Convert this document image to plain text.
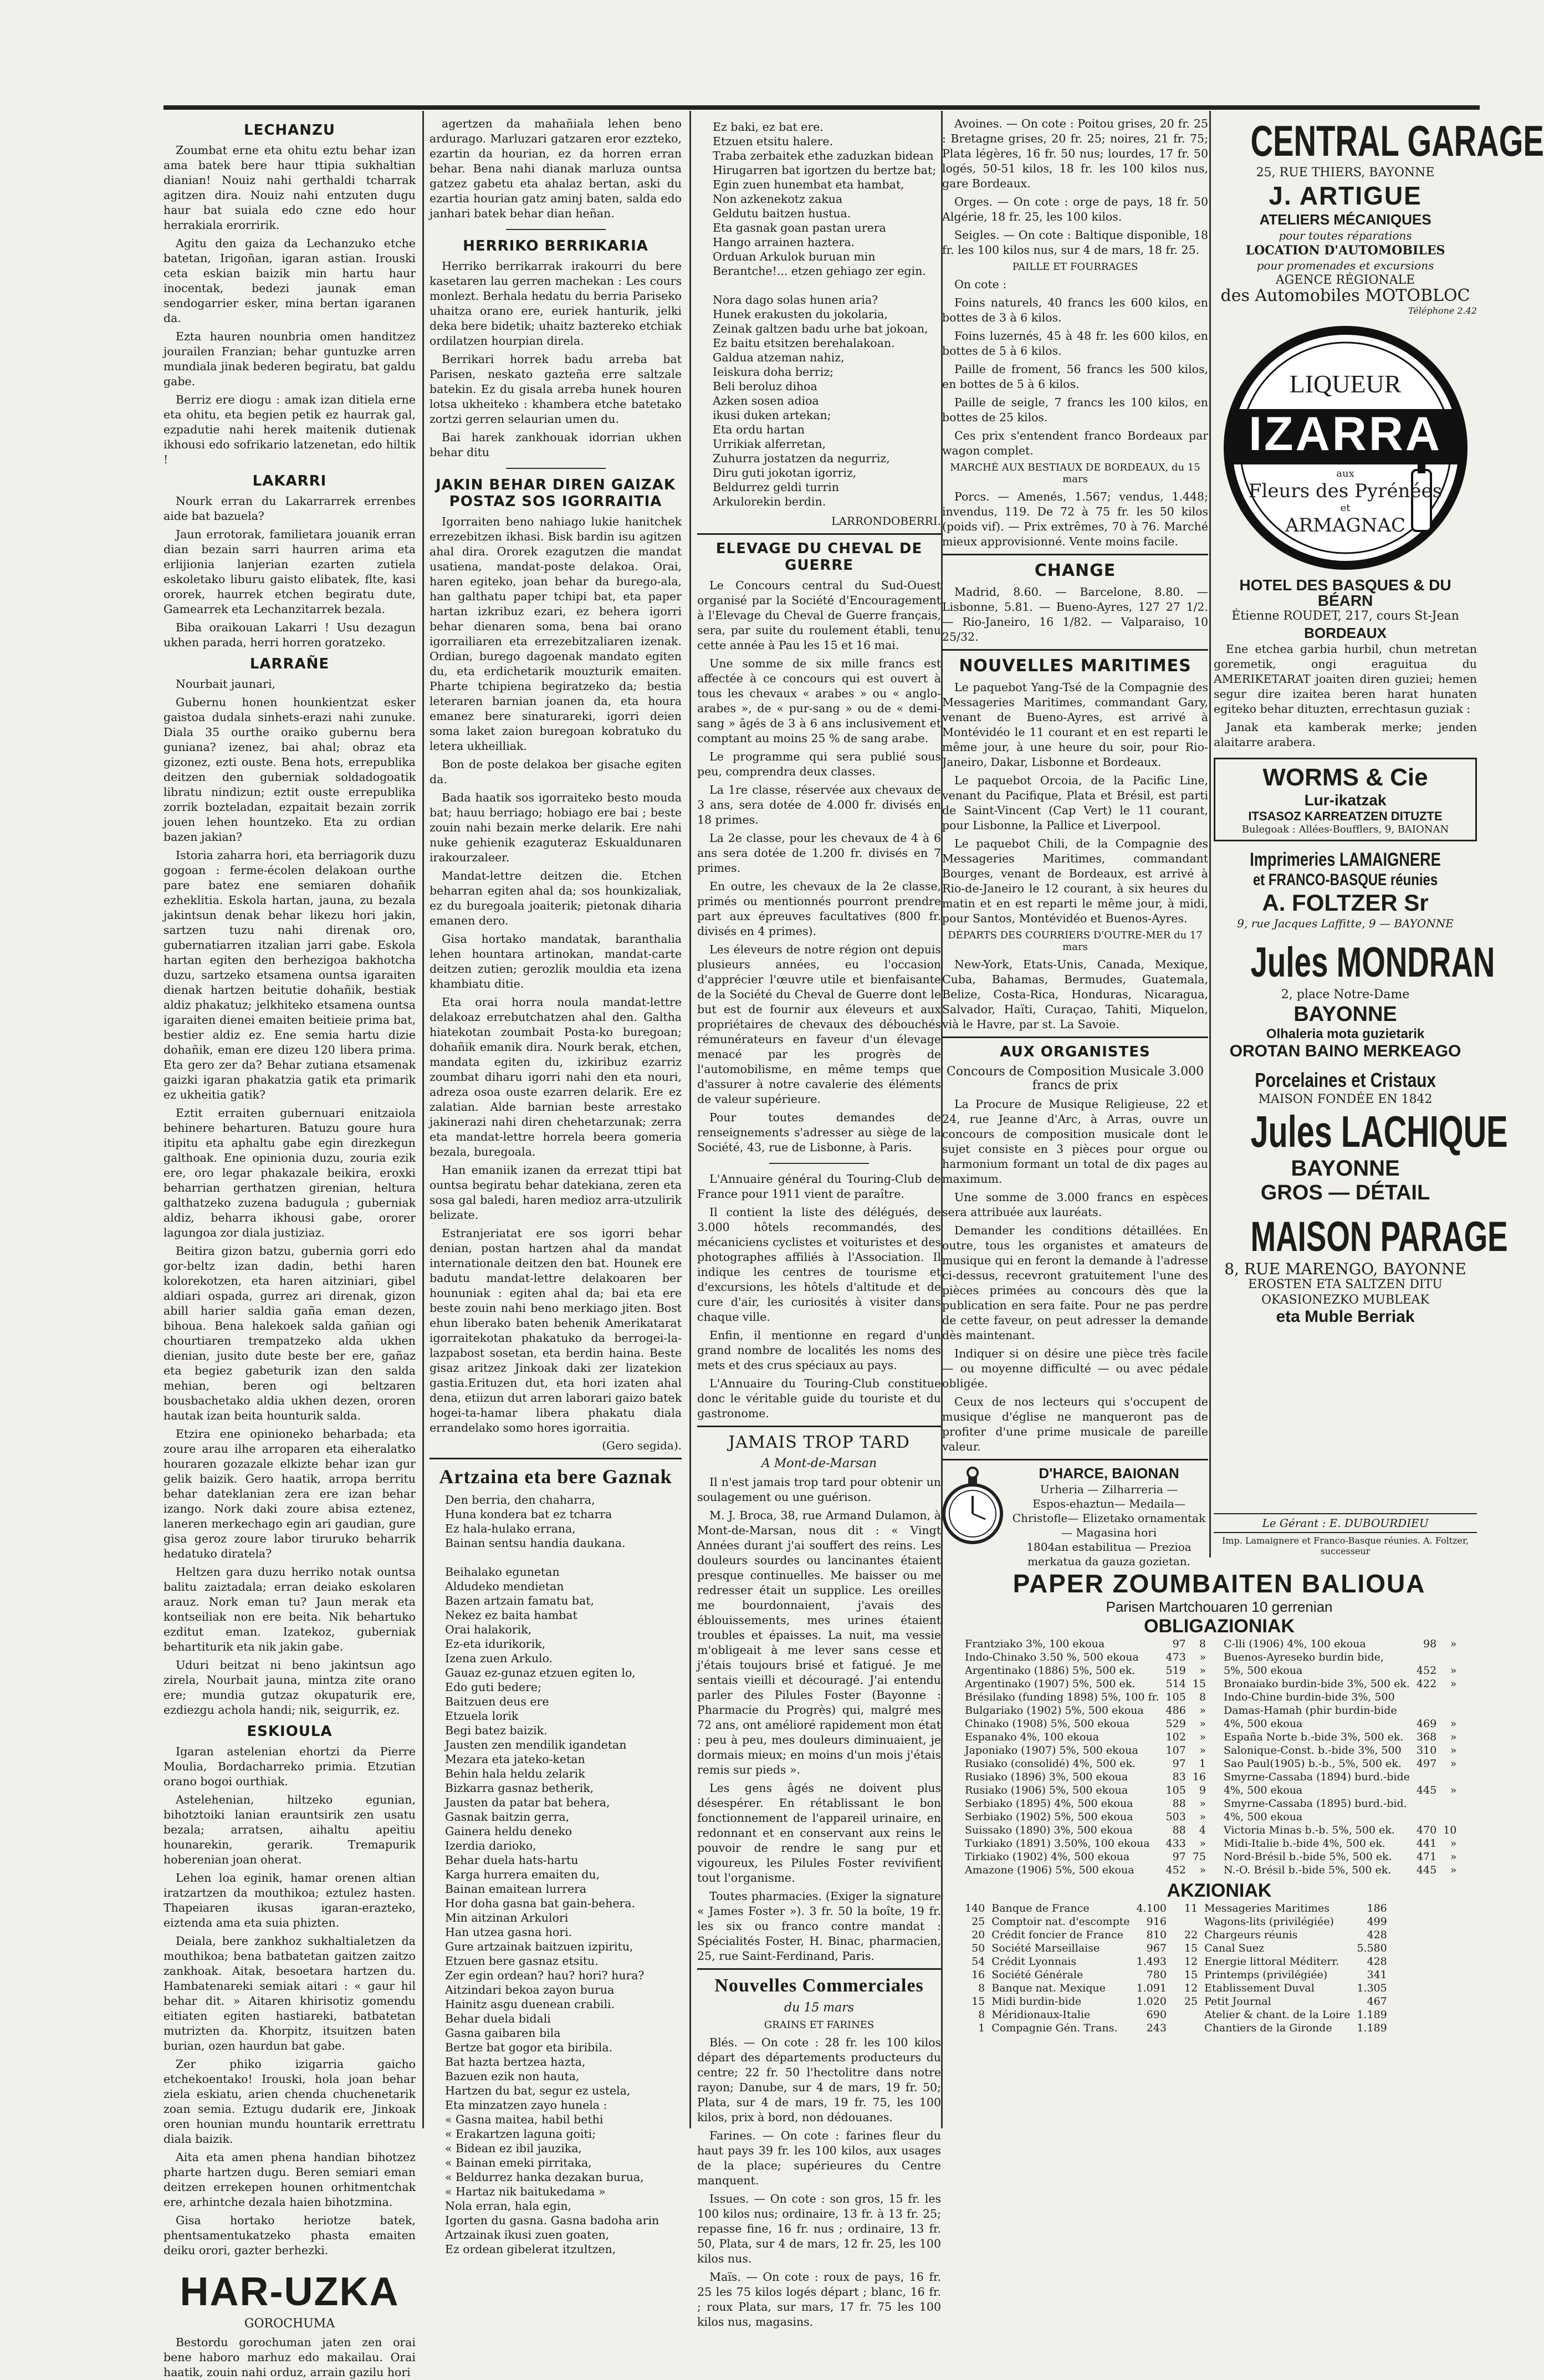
LECHANZU

Zoumbat erne eta ohitu eztu behar izan ama batek bere haur ttipia sukhaltian dianian! Nouiz nahi gerthaldi tcharrak agitzen dira. Nouiz nahi entzuten dugu haur bat suiala edo czne edo hour herrakiala erorririk.

Agitu den gaiza da Lechanzuko etche batetan, Irigoñan, igaran astian. Irouski ceta eskian baizik min hartu haur inocentak, bedezi jaunak eman sendogarrier esker, mina bertan igaranen da.

Ezta hauren nounbria omen handitzez jourailen Franzian; behar guntuzke arren mundiala jinak bederen begiratu, bat galdu gabe.

Berriz ere diogu : amak izan ditiela erne eta ohitu, eta begien petik ez haurrak gal, ezpadutie nahi herek maitenik dutienak ikhousi edo sofrikario latzenetan, edo hiltik !

LAKARRI

Nourk erran du Lakarrarrek errenbes aide bat bazuela?

Jaun errotorak, familietara jouanik erran dian bezain sarri haurren arima eta erlijionia lanjerian ezarten zutiela eskoletako liburu gaisto elibatek, flte, kasi ororek, haurrek etchen begiratu dute, Gamearrek eta Lechanzitarrek bezala.

Biba oraikouan Lakarri ! Usu dezagun ukhen parada, herri horren goratzeko.

LARRAÑE

Nourbait jaunari,

Gubernu honen hounkientzat esker gaistoa dudala sinhets-erazi nahi zunuke. Diala 35 ourthe oraiko gubernu bera guniana? izenez, bai ahal; obraz eta gizonez, ezti ouste. Bena hots, errepublika deitzen den guberniak soldadogoatik libratu nindizun; eztit ouste errepublika zorrik bozteladan, ezpaitait bezain zorrik jouen lehen hountzeko. Eta zu ordian bazen jakian?

Istoria zaharra hori, eta berriagorik duzu gogoan : ferme-écolen delakoan ourthe pare batez ene semiaren dohañik ezheklitia. Eskola hartan, jauna, zu bezala jakintsun denak behar likezu hori jakin, sartzen tuzu nahi direnak oro, gubernatiarren itzalian jarri gabe. Eskola hartan egiten den berhezigoa bakhotcha duzu, sartzeko etsamena ountsa igaraiten dienak hartzen beitutie dohañik, bestiak aldiz phakatuz; jelkhiteko etsamena ountsa igaraiten dienei emaiten beitieie prima bat, bestier aldiz ez. Ene semia hartu dizie dohañik, eman ere dizeu 120 libera prima. Eta gero zer da? Behar zutiana etsamenak gaizki igaran phakatzia gatik eta primarik ez ukheitia gatik?

Eztit erraiten gubernuari enitzaiola behinere beharturen. Batuzu goure hura itipitu eta aphaltu gabe egin direzkegun galthoak. Ene opinionia duzu, zouria ezik ere, oro legar phakazale beikira, eroxki beharrian gerthatzen girenian, heltura galthatzeko zuzena badugula ; guberniak aldiz, beharra ikhousi gabe, ororer lagungoa zor diala justiziaz.

Beitira gizon batzu, gubernia gorri edo gor-beltz izan dadin, bethi haren kolorekotzen, eta haren aitziniari, gibel aldiari ospada, gurrez ari direnak, gizon abill harier saldia gaña eman dezen, bihoua. Bena halekoek salda gañian ogi chourtiaren trempatzeko alda ukhen dienian, jusito dute beste ber ere, gañaz eta begiez gabeturik izan den salda mehian, beren ogi beltzaren bousbachetako aldia ukhen dezen, ororen hautak izan beita hounturik salda.

Etzira ene opinioneko beharbada; eta zoure arau ilhe arroparen eta eiheralatko houraren gozazale elkizte behar izan gur gelik baizik. Gero haatik, arropa berritu behar dateklanian zera ere izan behar izango. Nork daki zoure abisa eztenez, laneren merkechago egin ari gaudian, gure gisa geroz zoure labor tiruruko beharrik hedatuko diratela?

Heltzen gara duzu herriko notak ountsa balitu zaiztadala; erran deiako eskolaren arauz. Nork eman tu? Jaun merak eta kontseiliak non ere beita. Nik behartuko ezditut eman. Izatekoz, guberniak behartiturik eta nik jakin gabe.

Uduri beitzat ni beno jakintsun ago zirela, Nourbait jauna, mintza zite orano ere; mundia gutzaz okupaturik ere, ezdiezgu achola handi; nik, seigurrik, ez.

ESKIOULA

Igaran astelenian ehortzi da Pierre Moulia, Bordacharreko primia. Etzutian orano bogoi ourthiak.

Astelehenian, hiltzeko egunian, bihotztoiki lanian erauntsirik zen usatu bezala; arratsen, aihaltu apeitiu hounarekin, gerarik. Tremapurik hoberenian joan oherat.

Lehen loa eginik, hamar orenen altian iratzartzen da mouthikoa; eztulez hasten. Thapeiaren ikusas igaran-erazteko, eiztenda ama eta suia phizten.

Deiala, bere zankhoz sukhaltialetzen da mouthikoa; bena batbatetan gaitzen zaitzo zankhoak. Aitak, besoetara hartzen du. Hambatenareki semiak aitari : « gaur hil behar dit. » Aitaren khirisotiz gomendu eitiaten egiten hastiareki, batbatetan mutrizten da. Khorpitz, itsuitzen baten burian, ozen haurdun bat gabe.

Zer phiko izigarria gaicho etchekoentako! Irouski, hola joan behar ziela eskiatu, arien chenda chuchenetarik zoan semia. Eztugu dudarik ere, Jinkoak oren hounian mundu hountarik errettratu diala baizik.

Aita eta amen phena handian bihotzez pharte hartzen dugu. Beren semiari eman deitzen errekepen hounen orhitmentchak ere, arhintche dezala haien bihotzmina.

Gisa hortako heriotze batek, phentsamentukatzeko phasta emaiten deiku orori, gazter berhezki.

HAR-UZKA
GOROCHUMA

Bestordu gorochuman jaten zen orai bene haboro marhuz edo makailau. Orai haatik, zouin nahi orduz, arrain gazilu hori

agertzen da mahañiala lehen beno ardurago. Marluzari gatzaren eror ezzteko, ezartin da hourian, ez da horren erran behar. Bena nahi dianak marluza ountsa gatzez gabetu eta ahalaz bertan, aski du ezartia hourian gatz aminj baten, salda edo janhari batek behar dian heñan.

HERRIKO BERRIKARIA

Herriko berrikarrak irakourri du bere kasetaren lau gerren machekan : Les cours monlezt. Berhala hedatu du berria Pariseko uhaitza orano ere, euriek hanturik, jelki deka bere bidetik; uhaitz baztereko etchiak ordilatzen hourpian direla.

Berrikari horrek badu arreba bat Parisen, neskato gazteña erre saltzale batekin. Ez du gisala arreba hunek houren lotsa ukheiteko : khambera etche batetako zortzi gerren selaurian umen du.

Bai harek zankhouak idorrian ukhen behar ditu

JAKIN BEHAR DIREN GAIZAK POSTAZ SOS IGORRAITIA

Igorraiten beno nahiago lukie hanitchek errezebitzen ikhasi. Bisk bardin isu agitzen ahal dira. Ororek ezagutzen die mandat usatiena, mandat-poste delakoa. Orai, haren egiteko, joan behar da burego-ala, han galthatu paper tchipi bat, eta paper hartan izkribuz ezari, ez behera igorri behar dienaren soma, bena bai orano igorrailiaren eta errezebitzaliaren izenak. Ordian, burego dagoenak mandato egiten du, eta erdichetarik mouzturik emaiten. Pharte tchipiena begiratzeko da; bestia leteraren barnian joanen da, eta houra emanez bere sinaturareki, igorri deien soma laket zaion buregoan kobratuko du letera ukheilliak.

Bon de poste delakoa ber gisache egiten da.

Bada haatik sos igorraiteko besto mouda bat; hauu berriago; hobiago ere bai ; beste zouin nahi bezain merke delarik. Ere nahi nuke gehienik ezaguteraz Eskualdunaren irakourzaleer.

Mandat-lettre deitzen die. Etchen beharran egiten ahal da; sos hounkizaliak, ez du buregoala joaiterik; pietonak diharia emanen dero.

Gisa hortako mandatak, baranthalia lehen hountara artinokan, mandat-carte deitzen zutien; gerozlik mouldia eta izena khambiatu ditie.

Eta orai horra noula mandat-lettre delakoaz errebutchatzen ahal den. Galtha hiatekotan zoumbait Posta-ko buregoan; dohañik emanik dira. Nourk berak, etchen, mandata egiten du, izkiribuz ezarriz zoumbat diharu igorri nahi den eta nouri, adreza osoa ouste ezarren delarik. Ere ez zalatian. Alde barnian beste arrestako jakinerazi nahi diren chehetarzunak; zerra eta mandat-lettre horrela beera gomeria bezala, buregoala.

Han emaniik izanen da errezat ttipi bat ountsa begiratu behar datekiana, zeren eta sosa gal baledi, haren medioz arra-utzulirik belizate.

Estranjeriatat ere sos igorri behar denian, postan hartzen ahal da mandat internationale deitzen den bat. Hounek ere badutu mandat-lettre delakoaren ber hoununiak : egiten ahal da; bai eta ere beste zouin nahi beno merkiago jiten. Bost ehun liberako baten behenik Amerikatarat igorraitekotan phakatuko da berrogei-la-lazpabost sosetan, eta berdin haina. Beste gisaz aritzez Jinkoak daki zer lizatekion gastia.Erituzen dut, eta hori izaten ahal dena, etiizun dut arren laborari gaizo batek hogei-ta-hamar libera phakatu diala errandelako somo hores igorraitia.

(Gero segida).
Artzaina eta bere Gaznak
Den berria, den chaharra,
Huna kondera bat ez tcharra
Ez hala-hulako errana,
Bainan sentsu handia daukana.

Beihalako egunetan
Aldudeko mendietan
Bazen artzain famatu bat,
Nekez ez baita hambat
Orai halakorik,
Ez-eta idurikorik,
Izena zuen Arkulo.
Gauaz ez-gunaz etzuen egiten lo,
Edo guti bedere;
Baitzuen deus ere
Etzuela lorik
Begi batez baizik.
Jausten zen mendilik igandetan
Mezara eta jateko-ketan
Behin hala heldu zelarik
Bizkarra gasnaz betherik,
Jausten da patar bat behera,
Gasnak baitzin gerra,
Gainera heldu deneko
Izerdia darioko,
Behar duela hats-hartu
Karga hurrera emaiten du,
Bainan emaitean lurrera
Hor doha gasna bat gain-behera.
Min aitzinan Arkulori
Han utzea gasna hori.
Gure artzainak baitzuen izpiritu,
Etzuen bere gasnaz etsitu.
Zer egin ordean? hau? hori? hura?
Aitzindari bekoa zayon burua
Hainitz asgu duenean crabili.
Behar duela bidali
Gasna gaibaren bila
Bertze bat gogor eta biribila.
Bat hazta bertzea hazta,
Bazuen ezik non hauta,
Hartzen du bat, segur ez ustela,
Eta minzatzen zayo hunela :
« Gasna maitea, habil bethi
« Erakartzen laguna goiti;
« Bidean ez ibil jauzika,
« Bainan emeki pirritaka,
« Beldurrez hanka dezakan burua,
« Hartaz nik baitukedama »
Nola erran, hala egin,
Igorten du gasna. Gasna badoha arin
Artzainak ikusi zuen goaten,
Ez ordean gibelerat itzultzen,
Ez baki, ez bat ere.
Etzuen etsitu halere.
Traba zerbaitek ethe zaduzkan bidean
Hirugarren bat igortzen du bertze bat;
Egin zuen hunembat eta hambat,
Non azkenekotz zakua
Geldutu baitzen hustua.
Eta gasnak goan pastan urera
Hango arrainen haztera.
Orduan Arkulok buruan min
Berantche!... etzen gehiago zer egin.

Nora dago solas hunen aria?
Hunek erakusten du jokolaria,
Zeinak galtzen badu urhe bat jokoan,
Ez baitu etsitzen berehalakoan.
Galdua atzeman nahiz,
Ieiskura doha berriz;
Beli beroluz dihoa
Azken sosen adioa
ikusi duken artekan;
Eta ordu hartan
Urrikiak alferretan,
Zuhurra jostatzen da negurriz,
Diru guti jokotan igorriz,
Beldurrez geldi turrin
Arkulorekin berdin.
LARRONDOBERRI.
ELEVAGE DU CHEVAL DE GUERRE

Le Concours central du Sud-Ouest organisé par la Société d'Encouragement à l'Elevage du Cheval de Guerre français, sera, par suite du roulement établi, tenu cette année à Pau les 15 et 16 mai.

Une somme de six mille francs est affectée à ce concours qui est ouvert à tous les chevaux « arabes » ou « anglo-arabes », de « pur-sang » ou de « demi-sang » âgés de 3 à 6 ans inclusivement et comptant au moins 25 % de sang arabe.

Le programme qui sera publié sous peu, comprendra deux classes.

La 1re classe, réservée aux chevaux de 3 ans, sera dotée de 4.000 fr. divisés en 18 primes.

La 2e classe, pour les chevaux de 4 à 6 ans sera dotée de 1.200 fr. divisés en 7 primes.

En outre, les chevaux de la 2e classe, primés ou mentionnés pourront prendre part aux épreuves facultatives (800 fr. divisés en 4 primes).

Les éleveurs de notre région ont depuis plusieurs années, eu l'occasion d'apprécier l'œuvre utile et bienfaisante de la Société du Cheval de Guerre dont le but est de fournir aux éleveurs et aux propriétaires de chevaux des débouchés rémunérateurs en faveur d'un élevage menacé par les progrès de l'automobilisme, en même temps que d'assurer à notre cavalerie des éléments de valeur supérieure.

Pour toutes demandes de renseignements s'adresser au siège de la Société, 43, rue de Lisbonne, à Paris.

L'Annuaire général du Touring-Club de France pour 1911 vient de paraître.

Il contient la liste des délégués, de 3.000 hôtels recommandés, des mécaniciens cyclistes et voituristes et des photographes affiliés à l'Association. Il indique les centres de tourisme et d'excursions, les hôtels d'altitude et de cure d'air, les curiosités à visiter dans chaque ville.

Enfin, il mentionne en regard d'un grand nombre de localités les noms des mets et des crus spéciaux au pays.

L'Annuaire du Touring-Club constitue donc le véritable guide du touriste et du gastronome.

JAMAIS TROP TARD
A Mont-de-Marsan

Il n'est jamais trop tard pour obtenir un soulagement ou une guérison.

M. J. Broca, 38, rue Armand Dulamon, à Mont-de-Marsan, nous dit : « Vingt Années durant j'ai souffert des reins. Les douleurs sourdes ou lancinantes étaient presque continuelles. Me baisser ou me redresser était un supplice. Les oreilles me bourdonnaient, j'avais des éblouissements, mes urines étaient troubles et épaisses. La nuit, ma vessie m'obligeait à me lever sans cesse et j'étais toujours brisé et fatigué. Je me sentais vieilli et découragé. J'ai entendu parler des Pilules Foster (Bayonne : Pharmacie du Progrès) qui, malgré mes 72 ans, ont amélioré rapidement mon état : peu à peu, mes douleurs diminuaient, je dormais mieux; en moins d'un mois j'étais remis sur pieds ».

Les gens âgés ne doivent plus désespérer. En rétablissant le bon fonctionnement de l'appareil urinaire, en redonnant et en conservant aux reins le pouvoir de rendre le sang pur et vigoureux, les Pilules Foster revivifient tout l'organisme.

Toutes pharmacies. (Exiger la signature « James Foster »). 3 fr. 50 la boîte, 19 fr. les six ou franco contre mandat : Spécialités Foster, H. Binac, pharmacien, 25, rue Saint-Ferdinand, Paris.

Nouvelles Commerciales
du 15 mars
GRAINS ET FARINES

Blés. — On cote : 28 fr. les 100 kilos départ des départements producteurs du centre; 22 fr. 50 l'hectolitre dans notre rayon; Danube, sur 4 de mars, 19 fr. 50; Plata, sur 4 de mars, 19 fr. 75, les 100 kilos, prix à bord, non dédouanes.

Farines. — On cote : farines fleur du haut pays 39 fr. les 100 kilos, aux usages de la place; supérieures du Centre manquent.

Issues. — On cote : son gros, 15 fr. les 100 kilos nus; ordinaire, 13 fr. à 13 fr. 25; repasse fine, 16 fr. nus ; ordinaire, 13 fr. 50, Plata, sur 4 de mars, 12 fr. 25, les 100 kilos nus.

Maïs. — On cote : roux de pays, 16 fr. 25 les 75 kilos logés départ ; blanc, 16 fr. ; roux Plata, sur mars, 17 fr. 75 les 100 kilos nus, magasins.

Avoines. — On cote : Poitou grises, 20 fr. 25 : Bretagne grises, 20 fr. 25; noires, 21 fr. 75; Plata légères, 16 fr. 50 nus; lourdes, 17 fr. 50 logés, 50-51 kilos, 18 fr. les 100 kilos nus, gare Bordeaux.

Orges. — On cote : orge de pays, 18 fr. 50 Algérie, 18 fr. 25, les 100 kilos.

Seigles. — On cote : Baltique disponible, 18 fr. les 100 kilos nus, sur 4 de mars, 18 fr. 25.

PAILLE ET FOURRAGES

On cote :

Foins naturels, 40 francs les 600 kilos, en bottes de 3 à 6 kilos.

Foins luzernés, 45 à 48 fr. les 600 kilos, en bottes de 5 à 6 kilos.

Paille de froment, 56 francs les 500 kilos, en bottes de 5 à 6 kilos.

Paille de seigle, 7 francs les 100 kilos, en bottes de 25 kilos.

Ces prix s'entendent franco Bordeaux par wagon complet.

MARCHÉ AUX BESTIAUX DE BORDEAUX, du 15 mars

Porcs. — Amenés, 1.567; vendus, 1.448; invendus, 119. De 72 à 75 fr. les 50 kilos (poids vif). — Prix extrêmes, 70 à 76. Marché mieux approvisionné. Vente moins facile.

CHANGE

Madrid, 8.60. — Barcelone, 8.80. — Lisbonne, 5.81. — Bueno-Ayres, 127 27 1/2. — Rio-Janeiro, 16 1/82. — Valparaiso, 10 25/32.

NOUVELLES MARITIMES

Le paquebot Yang-Tsé de la Compagnie des Messageries Maritimes, commandant Gary, venant de Bueno-Ayres, est arrivé à Montévidéo le 11 courant et en est reparti le même jour, à une heure du soir, pour Rio-Janeiro, Dakar, Lisbonne et Bordeaux.

Le paquebot Orcoia, de la Pacific Line, venant du Pacifique, Plata et Brésil, est parti de Saint-Vincent (Cap Vert) le 11 courant, pour Lisbonne, la Pallice et Liverpool.

Le paquebot Chili, de la Compagnie des Messageries Maritimes, commandant Bourges, venant de Bordeaux, est arrivé à Rio-de-Janeiro le 12 courant, à six heures du matin et en est reparti le même jour, à midi, pour Santos, Montévidéo et Buenos-Ayres.

DÉPARTS DES COURRIERS D'OUTRE-MER du 17 mars

New-York, Etats-Unis, Canada, Mexique, Cuba, Bahamas, Bermudes, Guatemala, Belize, Costa-Rica, Honduras, Nicaragua, Salvador, Haïti, Curaçao, Tahiti, Miquelon, vià le Havre, par st. La Savoie.

AUX ORGANISTES
Concours de Composition Musicale 3.000 francs de prix

La Procure de Musique Religieuse, 22 et 24, rue Jeanne d'Arc, à Arras, ouvre un concours de composition musicale dont le sujet consiste en 3 pièces pour orgue ou harmonium formant un total de dix pages au maximum.

Une somme de 3.000 francs en espèces sera attribuée aux lauréats.

Demander les conditions détaillées. En outre, tous les organistes et amateurs de musique qui en feront la demande à l'adresse ci-dessus, recevront gratuitement l'une des pièces primées au concours dès que la publication en sera faite. Pour ne pas perdre de cette faveur, on peut adresser la demande dès maintenant.

Indiquer si on désire une pièce très facile — ou moyenne difficulté — ou avec pédale obligée.

Ceux de nos lecteurs qui s'occupent de musique d'église ne manqueront pas de profiter d'une prime musicale de pareille valeur.

D'HARCE, BAIONAN
Urheria — Zilharreria —
Espos-ehaztun— Medaila—
Christofle— Elizetako ornamentak — Magasina hori
1804an estabilitua — Prezioa
merkatua da gauza gozietan.
CENTRAL GARAGE
25, RUE THIERS, BAYONNE
J. ARTIGUE
ATELIERS MÉCANIQUES
pour toutes réparations
LOCATION D'AUTOMOBILES
pour promenades et excursions
AGENCE RÉGIONALE
des Automobiles MOTOBLOC
Téléphone 2.42
LIQUEUR
IZARRA
aux
Fleurs des Pyrénées
et
ARMAGNAC
HOTEL DES BASQUES & DU BÉARN
Étienne ROUDET, 217, cours St-Jean
BORDEAUX

Ene etchea garbia hurbil, chun metretan goremetik, ongi eraguitua du AMERIKETARAT joaiten diren guziei; hemen segur dire izaitea beren harat hunaten egiteko behar dituzten, errechtasun guziak :

Janak eta kamberak merke; jenden alaitarre arabera.

WORMS & Cie
Lur-ikatzak
ITSASOZ KARREATZEN DITUZTE
Bulegoak : Allées-Boufflers, 9, BAIONAN
Imprimeries LAMAIGNERE
et FRANCO-BASQUE réunies
A. FOLTZER Sr
9, rue Jacques Laffitte, 9 — BAYONNE
Jules MONDRAN
2, place Notre-Dame
BAYONNE
Olhaleria mota guzietarik
OROTAN BAINO MERKEAGO
Porcelaines et Cristaux
MAISON FONDÉE EN 1842
Jules LACHIQUE
BAYONNE
GROS — DÉTAIL
MAISON PARAGE
8, RUE MARENGO, BAYONNE
EROSTEN ETA SALTZEN DITU
OKASIONEZKO MUBLEAK
eta Muble Berriak
Le Gérant : E. DUBOURDIEU
Imp. Lamaignere et Franco-Basque réunies. A. Foltzer, successeur
PAPER ZOUMBAITEN BALIOUA
Parisen Martchouaren 10 gerrenian
OBLIGAZIONIAK
Frantziako 3%, 100 ekoua	97	8
Indo-Chinako 3.50 %, 500 ekoua	473	»
Argentinako (1886) 5%, 500 ek.	519	»
Argentinako (1907) 5%, 500 ek.	514	15
Brésilako (funding 1898) 5%, 100 fr.	105	8
Bulgariako (1902) 5%, 500 ekoua	486	»
Chinako (1908) 5%, 500 ekoua	529	»
Espanako 4%, 100 ekoua	102	»
Japoniako (1907) 5%, 500 ekoua	107	»
Rusiako (consolidé) 4%, 500 ek.	97	1
Rusiako (1896) 3%, 500 ekoua	83	16
Rusiako (1906) 5%, 500 ekoua	105	9
Serbiako (1895) 4%, 500 ekoua	88	»
Serbiako (1902) 5%, 500 ekoua	503	»
Suissako (1890) 3%, 500 ekoua	88	4
Turkiako (1891) 3.50%, 100 ekoua	433	»
Tirkiako (1902) 4%, 500 ekoua	97	75
Amazone (1906) 5%, 500 ekoua	452	»
C-lli (1906) 4%, 100 ekoua	98	»
Buenos-Ayreseko burdin bide,		
5%, 500 ekoua	452	»
Bronaiako burdin-bide 3%, 500 ek.	422	»
Indo-Chine burdin-bide 3%, 500		
Damas-Hamah (phir burdin-bide		
4%, 500 ekoua	469	»
España Norte b.-bide 3%, 500 ek.	368	»
Salonique-Const. b.-bide 3%, 500	310	»
Sao Paul(1905) b.-b., 5%, 500 ek.	497	»
Smyrne-Cassaba (1894) burd.-bide		
4%, 500 ekoua	445	»
Smyrne-Cassaba (1895) burd.-bid.		
4%, 500 ekoua		
Victoria Minas b.-b. 5%, 500 ek.	470	10
Midi-Italie b.-bide 4%, 500 ek.	441	»
Nord-Brésil b.-bide 5%, 500 ek.	471	»
N.-O. Brésil b.-bide 5%, 500 ek.	445	»
AKZIONIAK
140	Banque de France	4.100
25	Comptoir nat. d'escompte	916
20	Crédit foncier de France	810
50	Société Marseillaise	967
54	Crédit Lyonnais	1.493
16	Société Générale	780
8	Banque nat. Mexique	1.091
15	Midi burdin-bide	1.020
8	Méridionaux-Italie	690
1	Compagnie Gén. Trans.	243
11	Messageries Maritimes	186
	Wagons-lits (privilégiée)	499
22	Chargeurs réunis	428
15	Canal Suez	5.580
12	Energie littoral Méditerr.	428
15	Printemps (privilégiée)	341
12	Etablissement Duval	1.305
25	Petit Journal	467
	Atelier & chant. de la Loire	1.189
	Chantiers de la Gironde	1.189
